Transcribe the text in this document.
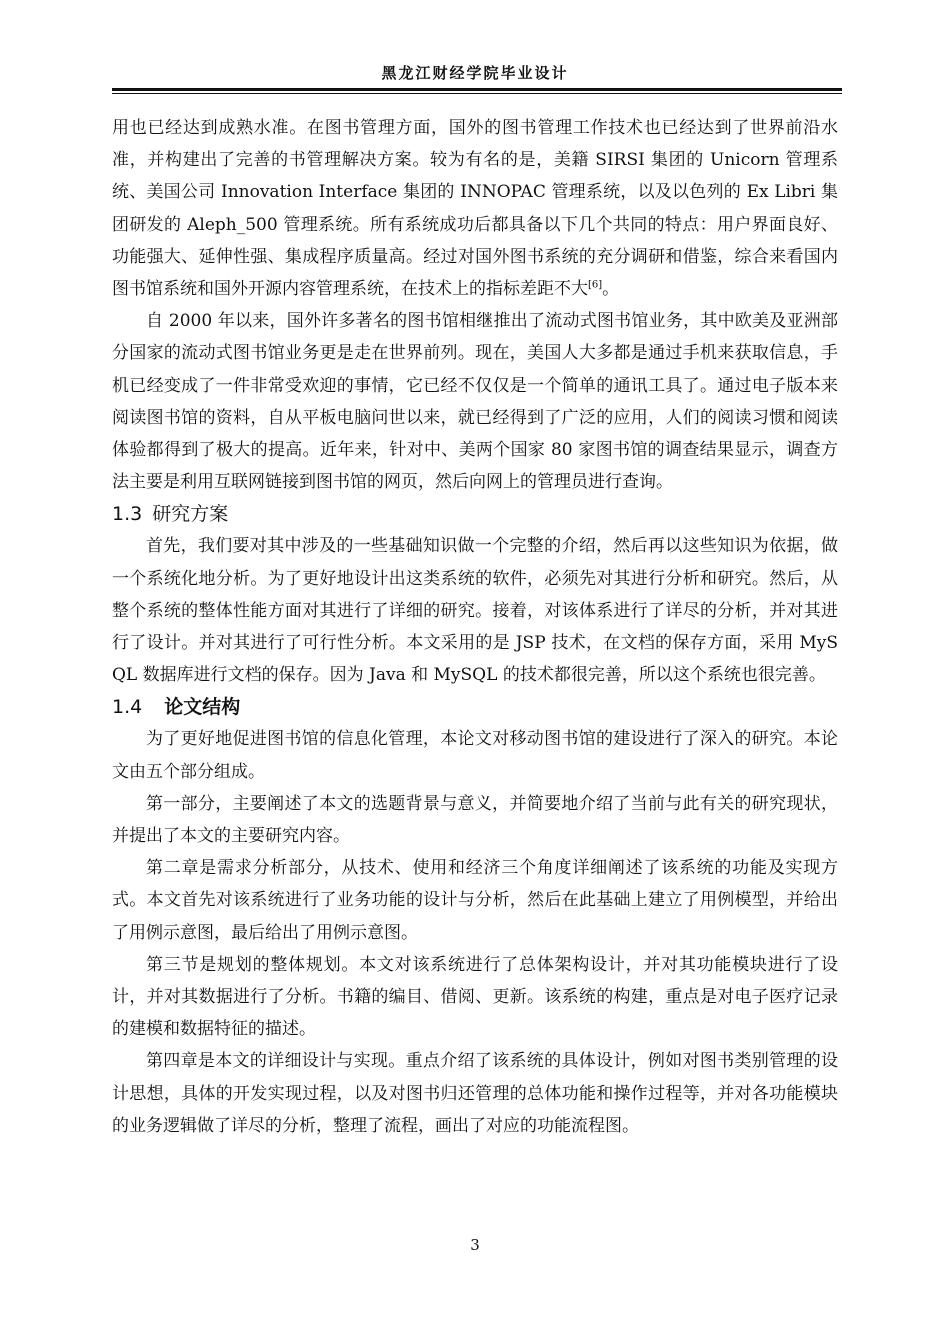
黑龙江财经学院毕业设计

用也已经达到成熟水准。在图书管理方面，国外的图书管理工作技术也已经达到了世界前沿水准，并构建出了完善的书管理解决方案。较为有名的是，美籍 SIRSI 集团的 Unicorn 管理系统、美国公司 Innovation Interface 集团的 INNOPAC 管理系统，以及以色列的 Ex Libri 集团研发的 Aleph_500 管理系统。所有系统成功后都具备以下几个共同的特点：用户界面良好、功能强大、延伸性强、集成程序质量高。经过对国外图书系统的充分调研和借鉴，综合来看国内图书馆系统和国外开源内容管理系统，在技术上的指标差距不大[6]。

自 2000 年以来，国外许多著名的图书馆相继推出了流动式图书馆业务，其中欧美及亚洲部分国家的流动式图书馆业务更是走在世界前列。现在，美国人大多都是通过手机来获取信息，手机已经变成了一件非常受欢迎的事情，它已经不仅仅是一个简单的通讯工具了。通过电子版本来阅读图书馆的资料，自从平板电脑问世以来，就已经得到了广泛的应用，人们的阅读习惯和阅读体验都得到了极大的提高。近年来，针对中、美两个国家 80 家图书馆的调查结果显示，调查方法主要是利用互联网链接到图书馆的网页，然后向网上的管理员进行查询。

1.3 研究方案

首先，我们要对其中涉及的一些基础知识做一个完整的介绍，然后再以这些知识为依据，做一个系统化地分析。为了更好地设计出这类系统的软件，必须先对其进行分析和研究。然后，从整个系统的整体性能方面对其进行了详细的研究。接着，对该体系进行了详尽的分析，并对其进行了设计。并对其进行了可行性分析。本文采用的是 JSP 技术，在文档的保存方面，采用 MySQL 数据库进行文档的保存。因为 Java 和 MySQL 的技术都很完善，所以这个系统也很完善。

1.4 论文结构

为了更好地促进图书馆的信息化管理，本论文对移动图书馆的建设进行了深入的研究。本论文由五个部分组成。

第一部分，主要阐述了本文的选题背景与意义，并简要地介绍了当前与此有关的研究现状，并提出了本文的主要研究内容。

第二章是需求分析部分，从技术、使用和经济三个角度详细阐述了该系统的功能及实现方式。本文首先对该系统进行了业务功能的设计与分析，然后在此基础上建立了用例模型，并给出了用例示意图，最后给出了用例示意图。

第三节是规划的整体规划。本文对该系统进行了总体架构设计，并对其功能模块进行了设计，并对其数据进行了分析。书籍的编目、借阅、更新。该系统的构建，重点是对电子医疗记录的建模和数据特征的描述。

第四章是本文的详细设计与实现。重点介绍了该系统的具体设计，例如对图书类别管理的设计思想，具体的开发实现过程，以及对图书归还管理的总体功能和操作过程等，并对各功能模块的业务逻辑做了详尽的分析，整理了流程，画出了对应的功能流程图。

3
